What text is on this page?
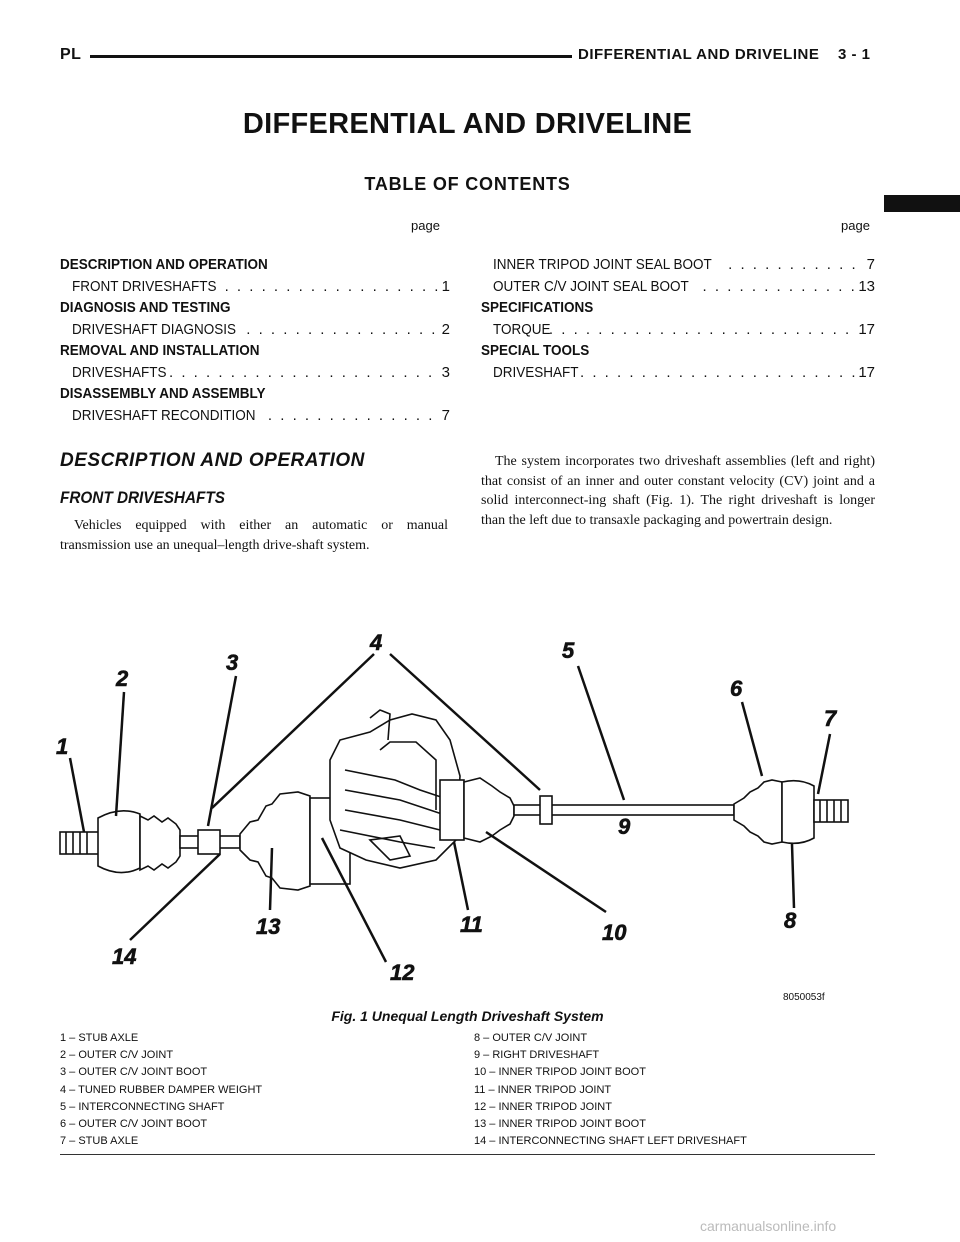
PL	DIFFERENTIAL AND DRIVELINE    3 - 1
DIFFERENTIAL AND DRIVELINE
TABLE OF CONTENTS
page	page
DESCRIPTION AND OPERATION
FRONT DRIVESHAFTS . . .	1
DIAGNOSIS AND TESTING
DRIVESHAFT DIAGNOSIS . . .	2
REMOVAL AND INSTALLATION
DRIVESHAFTS . . .	3
DISASSEMBLY AND ASSEMBLY
DRIVESHAFT RECONDITION . . .	7
INNER TRIPOD JOINT SEAL BOOT . . .	7
OUTER C/V JOINT SEAL BOOT . . .	13
SPECIFICATIONS
TORQUE . . .	17
SPECIAL TOOLS
DRIVESHAFT . . .	17
DESCRIPTION AND OPERATION
FRONT DRIVESHAFTS
Vehicles equipped with either an automatic or manual transmission use an unequal–length drive-shaft system.
The system incorporates two driveshaft assemblies (left and right) that consist of an inner and outer constant velocity (CV) joint and a solid interconnect-ing shaft (Fig. 1). The right driveshaft is longer than the left due to transaxle packaging and powertrain design.
1
2
3
4	5
6
7
8
9
10
11
12
13
14
8050053f
Fig. 1 Unequal Length Driveshaft System
1 – STUB AXLE
2 – OUTER C/V JOINT
3 – OUTER C/V JOINT BOOT
4 – TUNED RUBBER DAMPER WEIGHT
5 – INTERCONNECTING SHAFT
6 – OUTER C/V JOINT BOOT
7 – STUB AXLE
8 – OUTER C/V JOINT
9 – RIGHT DRIVESHAFT
10 – INNER TRIPOD JOINT BOOT
11 – INNER TRIPOD JOINT
12 – INNER TRIPOD JOINT
13 – INNER TRIPOD JOINT BOOT
14 – INTERCONNECTING SHAFT LEFT DRIVESHAFT
carmanualsonline.info
